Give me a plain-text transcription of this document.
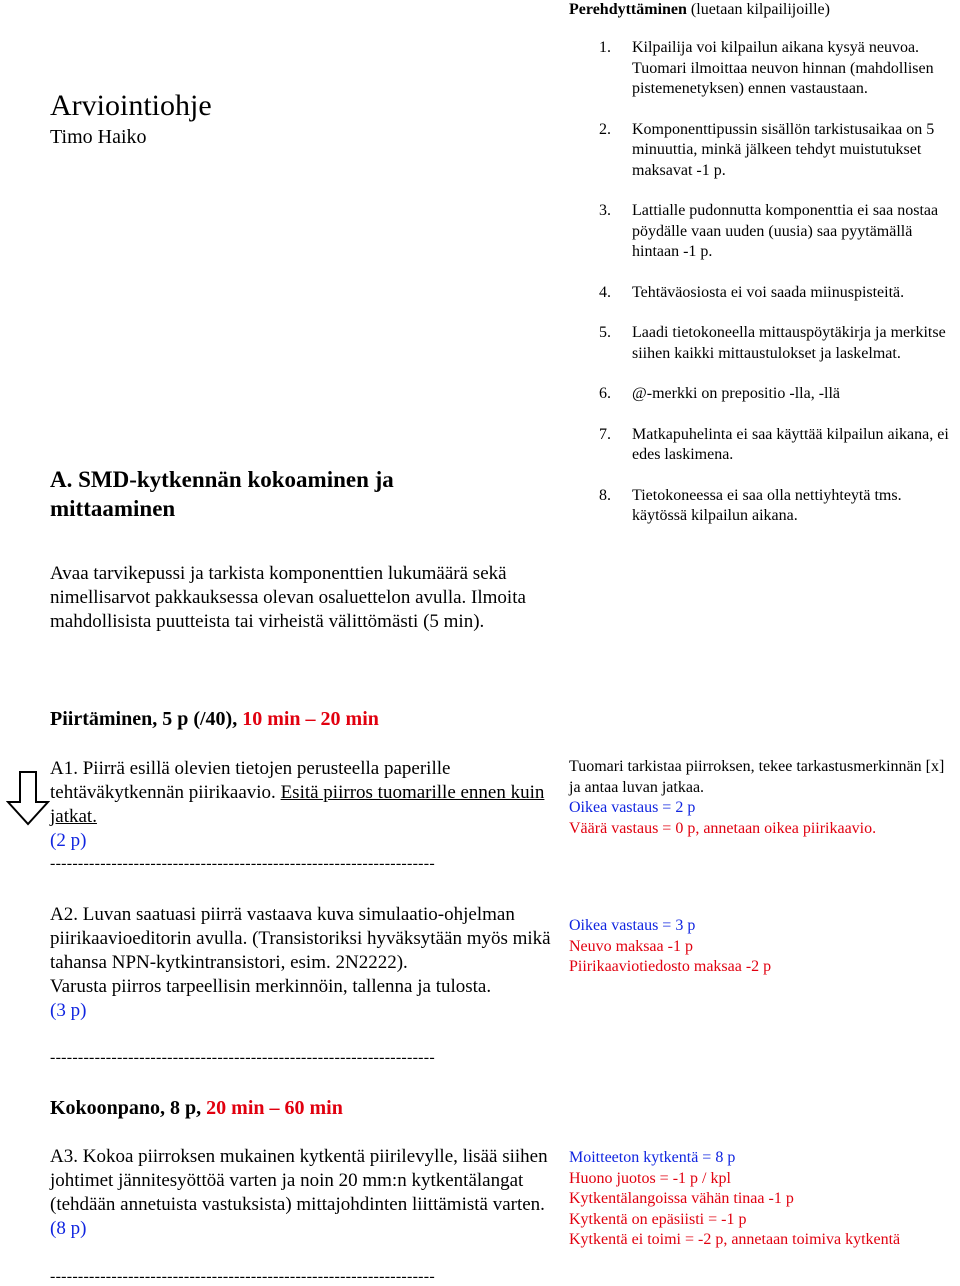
Arviointiohje
Timo Haiko
Perehdyttäminen (luetaan kilpailijoille)
1. Kilpailija voi kilpailun aikana kysyä neuvoa. Tuomari ilmoittaa neuvon hinnan (mahdollisen pistemenetyksen) ennen vastaustaan.
2. Komponenttipussin sisällön tarkistusaikaa on 5 minuuttia, minkä jälkeen tehdyt muistutukset maksavat -1 p.
3. Lattialle pudonnutta komponenttia ei saa nostaa pöydälle vaan uuden (uusia) saa pyytämällä hintaan -1 p.
4. Tehtäväosiosta ei voi saada miinuspisteitä.
5. Laadi tietokoneella mittauspöytäkirja ja merkitse siihen kaikki mittaustulokset ja laskelmat.
6. @-merkki on prepositio -lla, -llä
7. Matkapuhelinta ei saa käyttää kilpailun aikana, ei edes laskimena.
8. Tietokoneessa ei saa olla nettiyhteytä tms. käytössä kilpailun aikana.
A. SMD-kytkennän kokoaminen ja mittaaminen
Avaa tarvikepussi ja tarkista komponenttien lukumäärä sekä nimellisarvot pakkauksessa olevan osaluettelon avulla. Ilmoita mahdollisista puutteista tai virheistä välittömästi (5 min).
Piirtäminen, 5 p (/40), 10 min – 20 min
A1. Piirrä esillä olevien tietojen perusteella paperille tehtäväkytkennän piirikaavio. Esitä piirros tuomarille ennen kuin jatkat.
(2 p)
---------------------------------------------------------------------
Tuomari tarkistaa piirroksen, tekee tarkastusmerkinnän [x] ja antaa luvan jatkaa.
Oikea vastaus = 2 p
Väärä vastaus = 0 p, annetaan oikea piirikaavio.
A2. Luvan saatuasi piirrä vastaava kuva simulaatio-ohjelman piirikaavioeditorin avulla. (Transistoriksi hyväksytään myös mikä tahansa NPN-kytkintransistori, esim. 2N2222).
Varusta piirros tarpeellisin merkinnöin, tallenna ja tulosta.
(3 p)
---------------------------------------------------------------------
Oikea vastaus = 3 p
Neuvo maksaa -1 p
Piirikaaviotiedosto maksaa -2 p
Kokoonpano, 8 p, 20 min – 60 min
A3. Kokoa piirroksen mukainen kytkentä piirilevylle, lisää siihen johtimet jännitesyöttöä varten ja noin 20 mm:n kytkentälangat (tehdään annetuista vastuksista) mittajohdinten liittämistä varten.
(8 p)
---------------------------------------------------------------------
Moitteeton kytkentä = 8 p
Huono juotos = -1 p / kpl
Kytkentälangoissa vähän tinaa -1 p
Kytkentä on epäsiisti = -1 p
Kytkentä ei toimi = -2 p, annetaan toimiva kytkentä
